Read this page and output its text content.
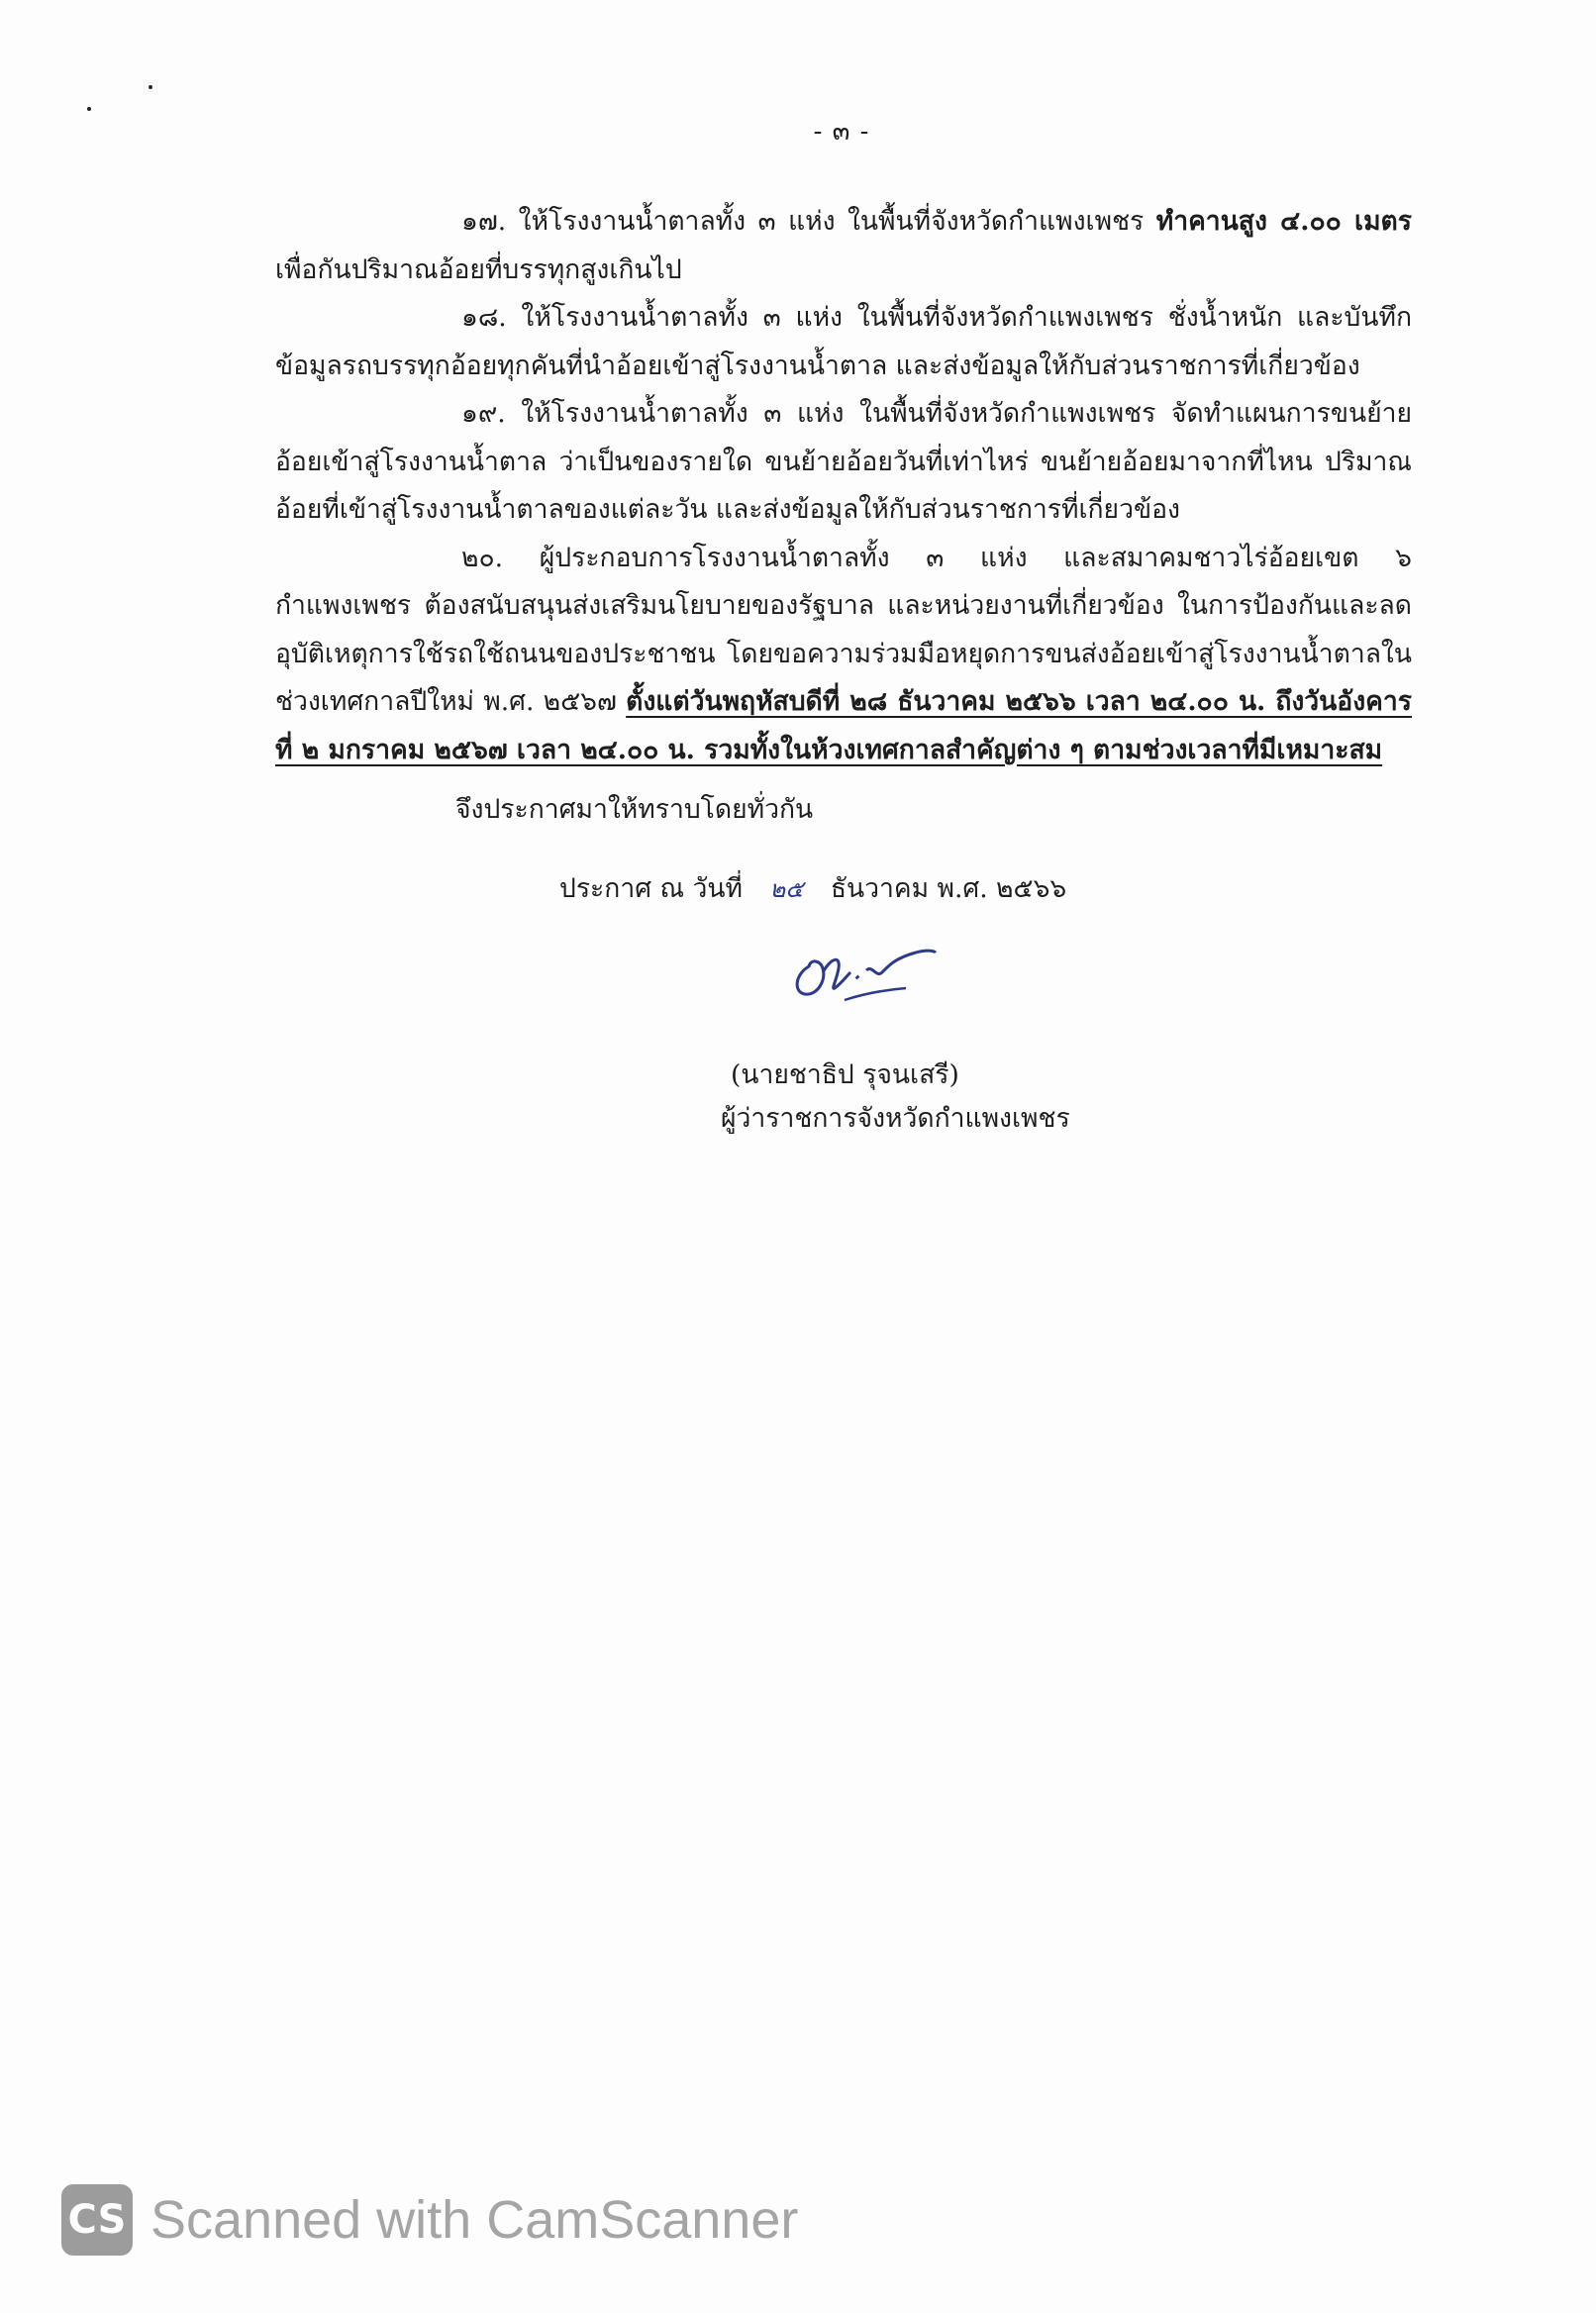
- ๓ -

๑๗. ให้โรงงานน้ำตาลทั้ง ๓ แห่ง ในพื้นที่จังหวัดกำแพงเพชร ทำคานสูง ๔.๐๐ เมตร เพื่อกันปริมาณอ้อยที่บรรทุกสูงเกินไป

๑๘. ให้โรงงานน้ำตาลทั้ง ๓ แห่ง ในพื้นที่จังหวัดกำแพงเพชร ชั่งน้ำหนัก และบันทึกข้อมูลรถบรรทุกอ้อยทุกคันที่นำอ้อยเข้าสู่โรงงานน้ำตาล และส่งข้อมูลให้กับส่วนราชการที่เกี่ยวข้อง

๑๙. ให้โรงงานน้ำตาลทั้ง ๓ แห่ง ในพื้นที่จังหวัดกำแพงเพชร จัดทำแผนการขนย้ายอ้อยเข้าสู่โรงงานน้ำตาล ว่าเป็นของรายใด ขนย้ายอ้อยวันที่เท่าไหร่ ขนย้ายอ้อยมาจากที่ไหน ปริมาณอ้อยที่เข้าสู่โรงงานน้ำตาลของแต่ละวัน และส่งข้อมูลให้กับส่วนราชการที่เกี่ยวข้อง

๒๐. ผู้ประกอบการโรงงานน้ำตาลทั้ง ๓ แห่ง และสมาคมชาวไร่อ้อยเขต ๖ กำแพงเพชร ต้องสนับสนุนส่งเสริมนโยบายของรัฐบาล และหน่วยงานที่เกี่ยวข้อง ในการป้องกันและลดอุบัติเหตุการใช้รถใช้ถนนของประชาชน โดยขอความร่วมมือหยุดการขนส่งอ้อยเข้าสู่โรงงานน้ำตาลในช่วงเทศกาลปีใหม่ พ.ศ. ๒๕๖๗ ตั้งแต่วันพฤหัสบดีที่ ๒๘ ธันวาคม ๒๕๖๖ เวลา ๒๔.๐๐ น. ถึงวันอังคารที่ ๒ มกราคม ๒๕๖๗ เวลา ๒๔.๐๐ น. รวมทั้งในห้วงเทศกาลสำคัญต่าง ๆ ตามช่วงเวลาที่มีเหมาะสม

จึงประกาศมาให้ทราบโดยทั่วกัน
ประกาศ ณ วันที่ ๒๕ ธันวาคม พ.ศ. ๒๕๖๖
(นายชาธิป รุจนเสรี)
ผู้ว่าราชการจังหวัดกำแพงเพชร
CS Scanned with CamScanner
